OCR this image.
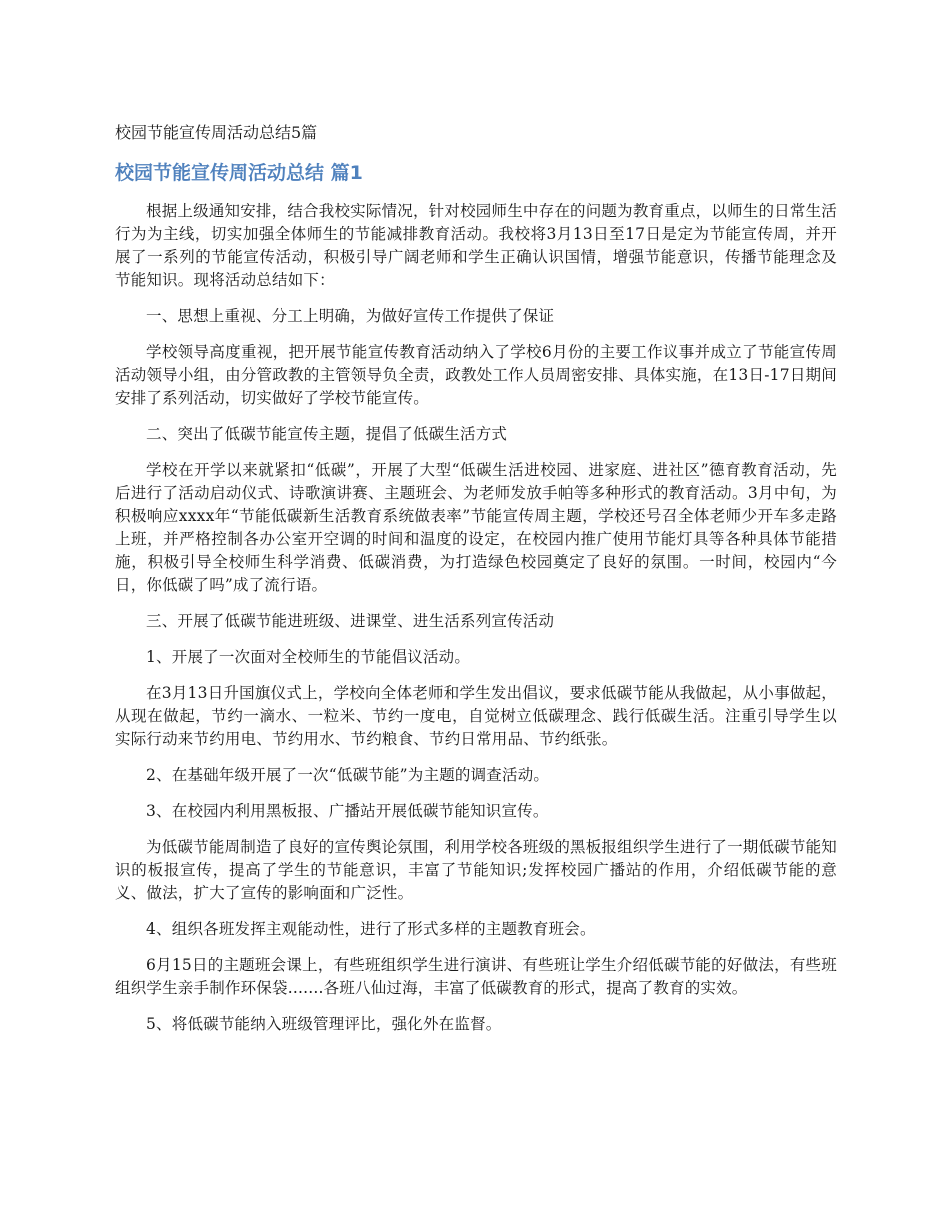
校园节能宣传周活动总结5篇
校园节能宣传周活动总结 篇1

根据上级通知安排，结合我校实际情况，针对校园师生中存在的问题为教育重点，以师生的日常生活行为为主线，切实加强全体师生的节能减排教育活动。我校将3月13日至17日是定为节能宣传周，并开展了一系列的节能宣传活动，积极引导广阔老师和学生正确认识国情，增强节能意识，传播节能理念及节能知识。现将活动总结如下：

一、思想上重视、分工上明确，为做好宣传工作提供了保证

学校领导高度重视，把开展节能宣传教育活动纳入了学校6月份的主要工作议事并成立了节能宣传周活动领导小组，由分管政教的主管领导负全责，政教处工作人员周密安排、具体实施，在13日-17日期间安排了系列活动，切实做好了学校节能宣传。

二、突出了低碳节能宣传主题，提倡了低碳生活方式

学校在开学以来就紧扣“低碳”，开展了大型“低碳生活进校园、进家庭、进社区”德育教育活动，先后进行了活动启动仪式、诗歌演讲赛、主题班会、为老师发放手帕等多种形式的教育活动。3月中旬，为积极响应xxxx年“节能低碳新生活教育系统做表率”节能宣传周主题，学校还号召全体老师少开车多走路上班，并严格控制各办公室开空调的时间和温度的设定，在校园内推广使用节能灯具等各种具体节能措施，积极引导全校师生科学消费、低碳消费，为打造绿色校园奠定了良好的氛围。一时间，校园内“今日，你低碳了吗”成了流行语。

三、开展了低碳节能进班级、进课堂、进生活系列宣传活动

1、开展了一次面对全校师生的节能倡议活动。

在3月13日升国旗仪式上，学校向全体老师和学生发出倡议，要求低碳节能从我做起，从小事做起，从现在做起，节约一滴水、一粒米、节约一度电，自觉树立低碳理念、践行低碳生活。注重引导学生以实际行动来节约用电、节约用水、节约粮食、节约日常用品、节约纸张。

2、在基础年级开展了一次“低碳节能”为主题的调查活动。

3、在校园内利用黑板报、广播站开展低碳节能知识宣传。

为低碳节能周制造了良好的宣传舆论氛围，利用学校各班级的黑板报组织学生进行了一期低碳节能知识的板报宣传，提高了学生的节能意识，丰富了节能知识;发挥校园广播站的作用，介绍低碳节能的意义、做法，扩大了宣传的影响面和广泛性。

4、组织各班发挥主观能动性，进行了形式多样的主题教育班会。

6月15日的主题班会课上，有些班组织学生进行演讲、有些班让学生介绍低碳节能的好做法，有些班组织学生亲手制作环保袋.......各班八仙过海，丰富了低碳教育的形式，提高了教育的实效。

5、将低碳节能纳入班级管理评比，强化外在监督。
